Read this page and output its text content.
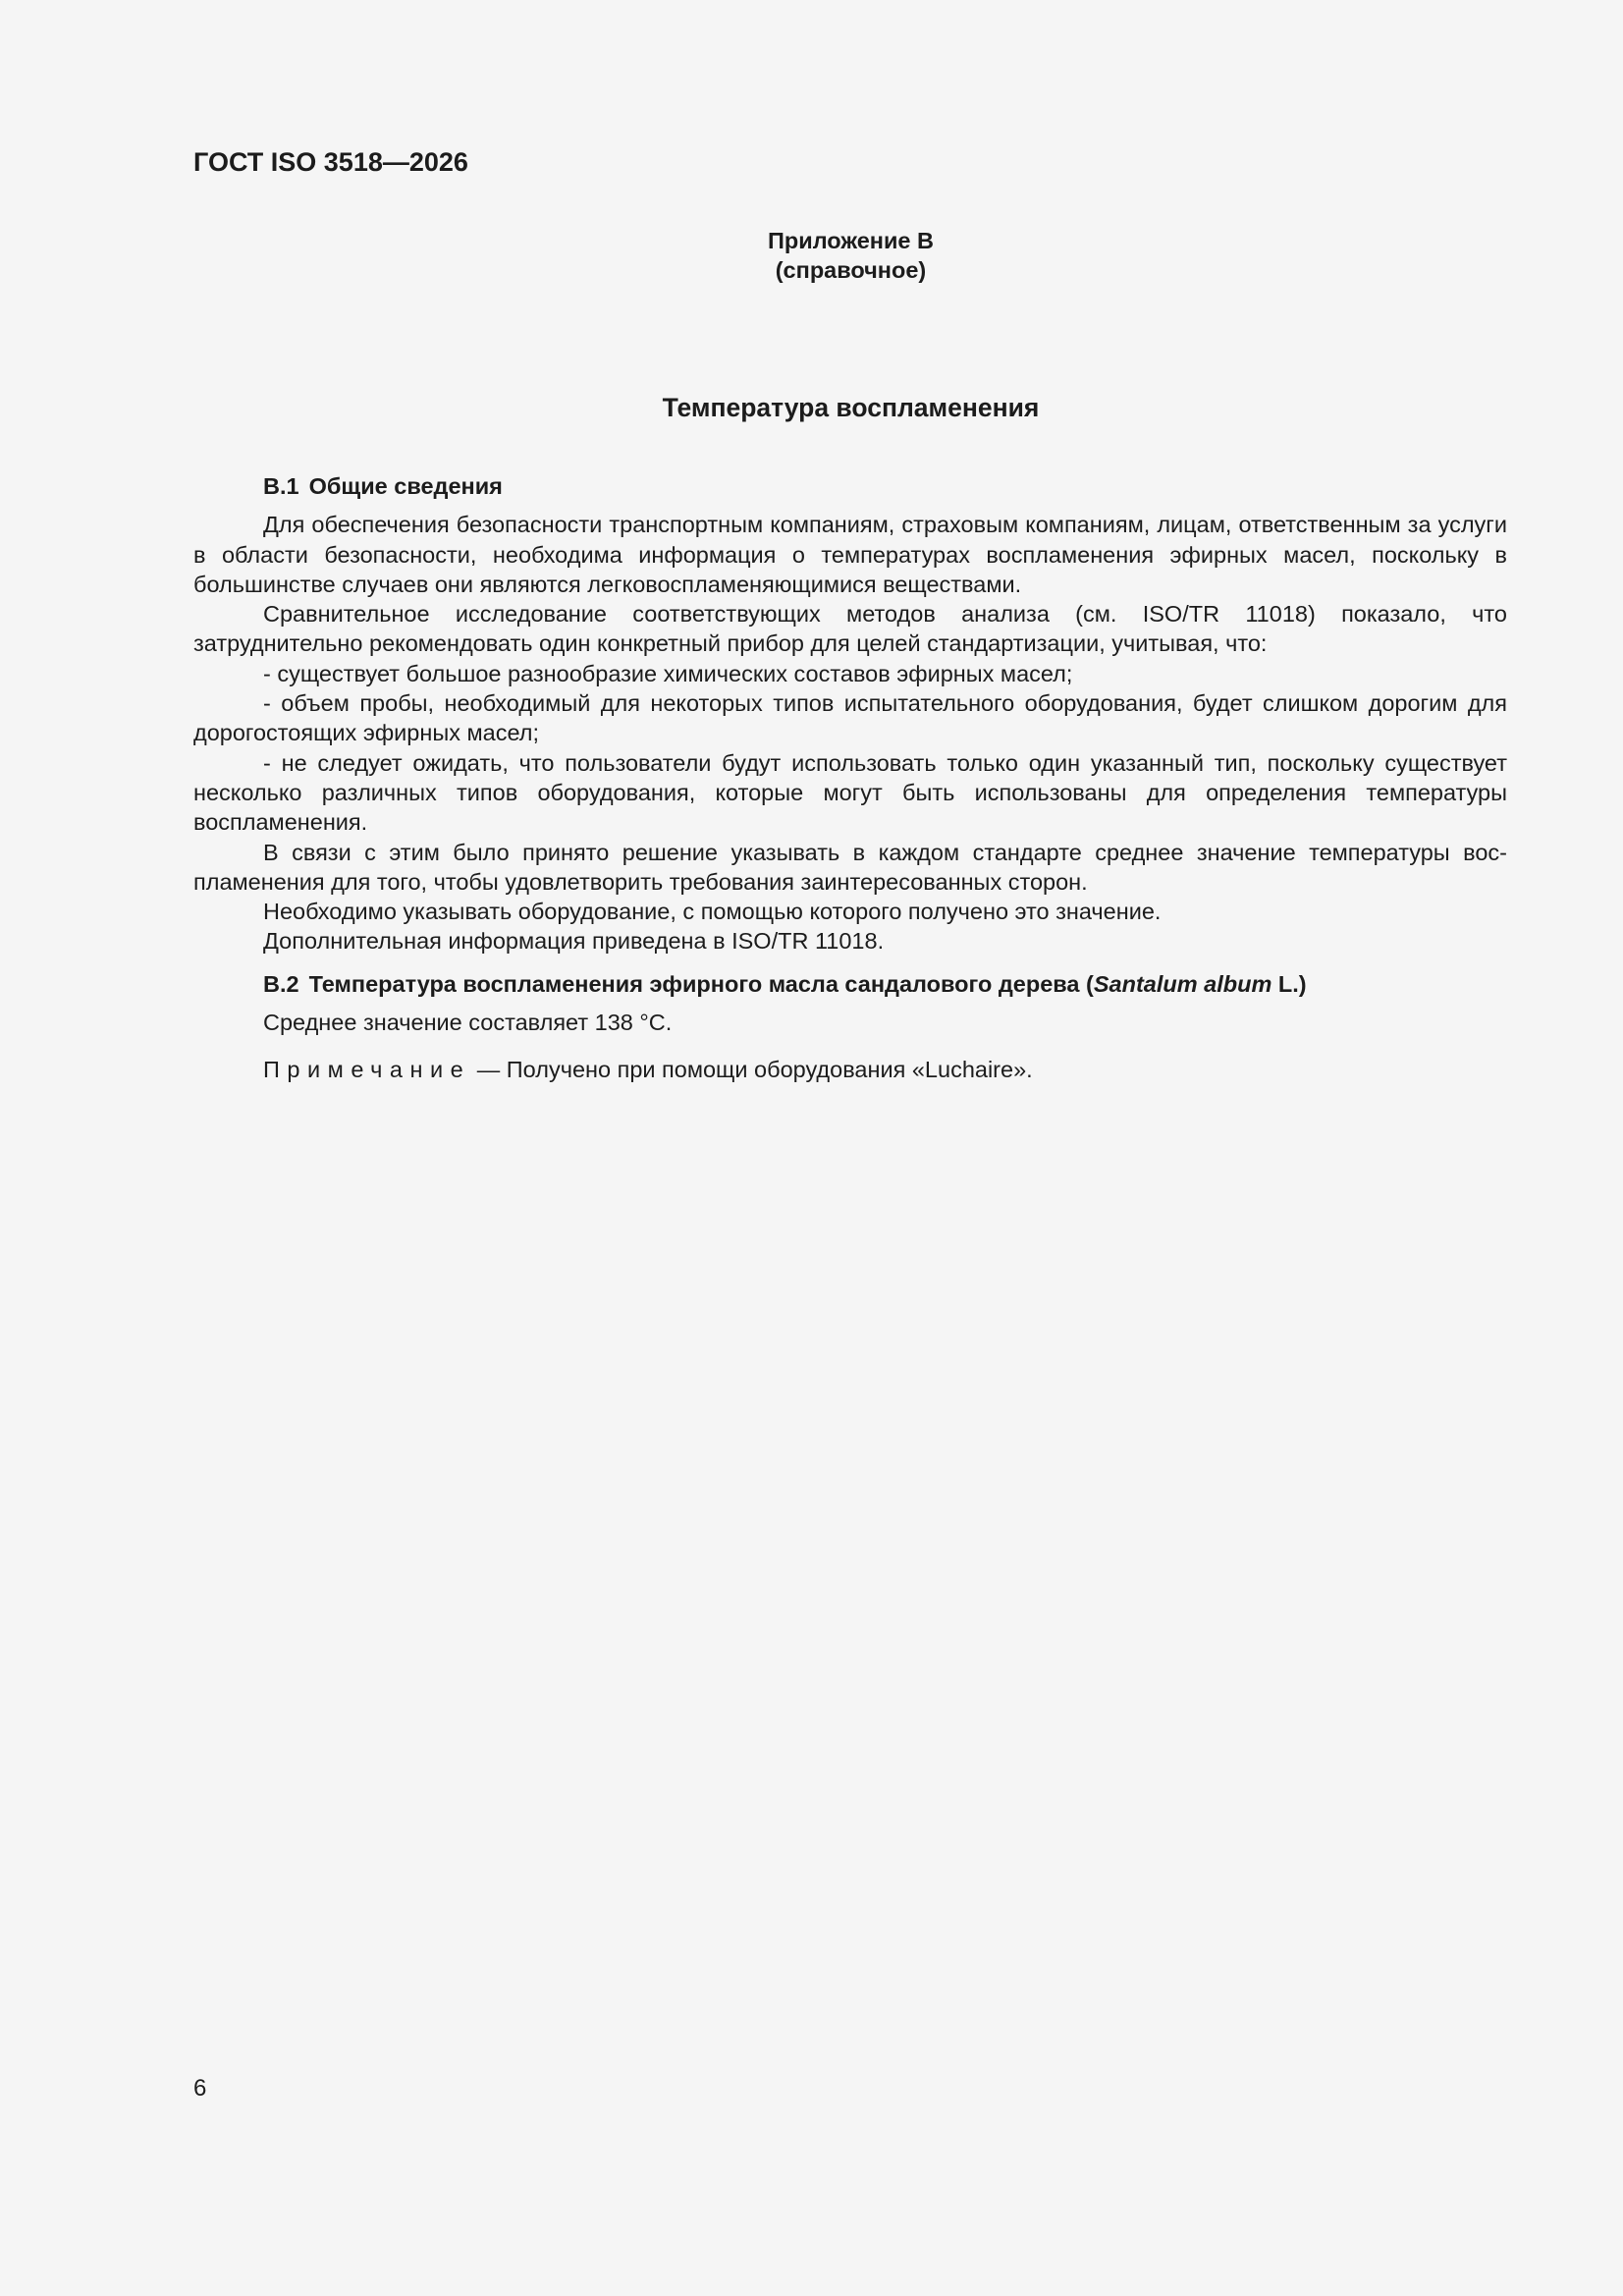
ГОСТ ISO 3518—2026
Приложение В
(справочное)
Температура воспламенения
В.1 Общие сведения

Для обеспечения безопасности транспортным компаниям, страховым компаниям, лицам, ответственным за услуги в области безопасности, необходима информация о температурах воспламенения эфирных масел, поскольку в большинстве случаев они являются легковоспламеняющимися веществами.

Сравнительное исследование соответствующих методов анализа (см. ISO/TR 11018) показало, что затруднительно рекомендовать один конкретный прибор для целей стандартизации, учитывая, что:

- существует большое разнообразие химических составов эфирных масел;

- объем пробы, необходимый для некоторых типов испытательного оборудования, будет слишком дорогим для дорогостоящих эфирных масел;

- не следует ожидать, что пользователи будут использовать только один указанный тип, поскольку существует несколько различных типов оборудования, которые могут быть использованы для определения температуры воспламенения.

В связи с этим было принято решение указывать в каждом стандарте среднее значение температуры вос-пламенения для того, чтобы удовлетворить требования заинтересованных сторон.

Необходимо указывать оборудование, с помощью которого получено это значение.

Дополнительная информация приведена в ISO/TR 11018.

В.2 Температура воспламенения эфирного масла сандалового дерева (Santalum album L.)

Среднее значение составляет 138 °С.

Примечание — Получено при помощи оборудования «Luchaire».

6
